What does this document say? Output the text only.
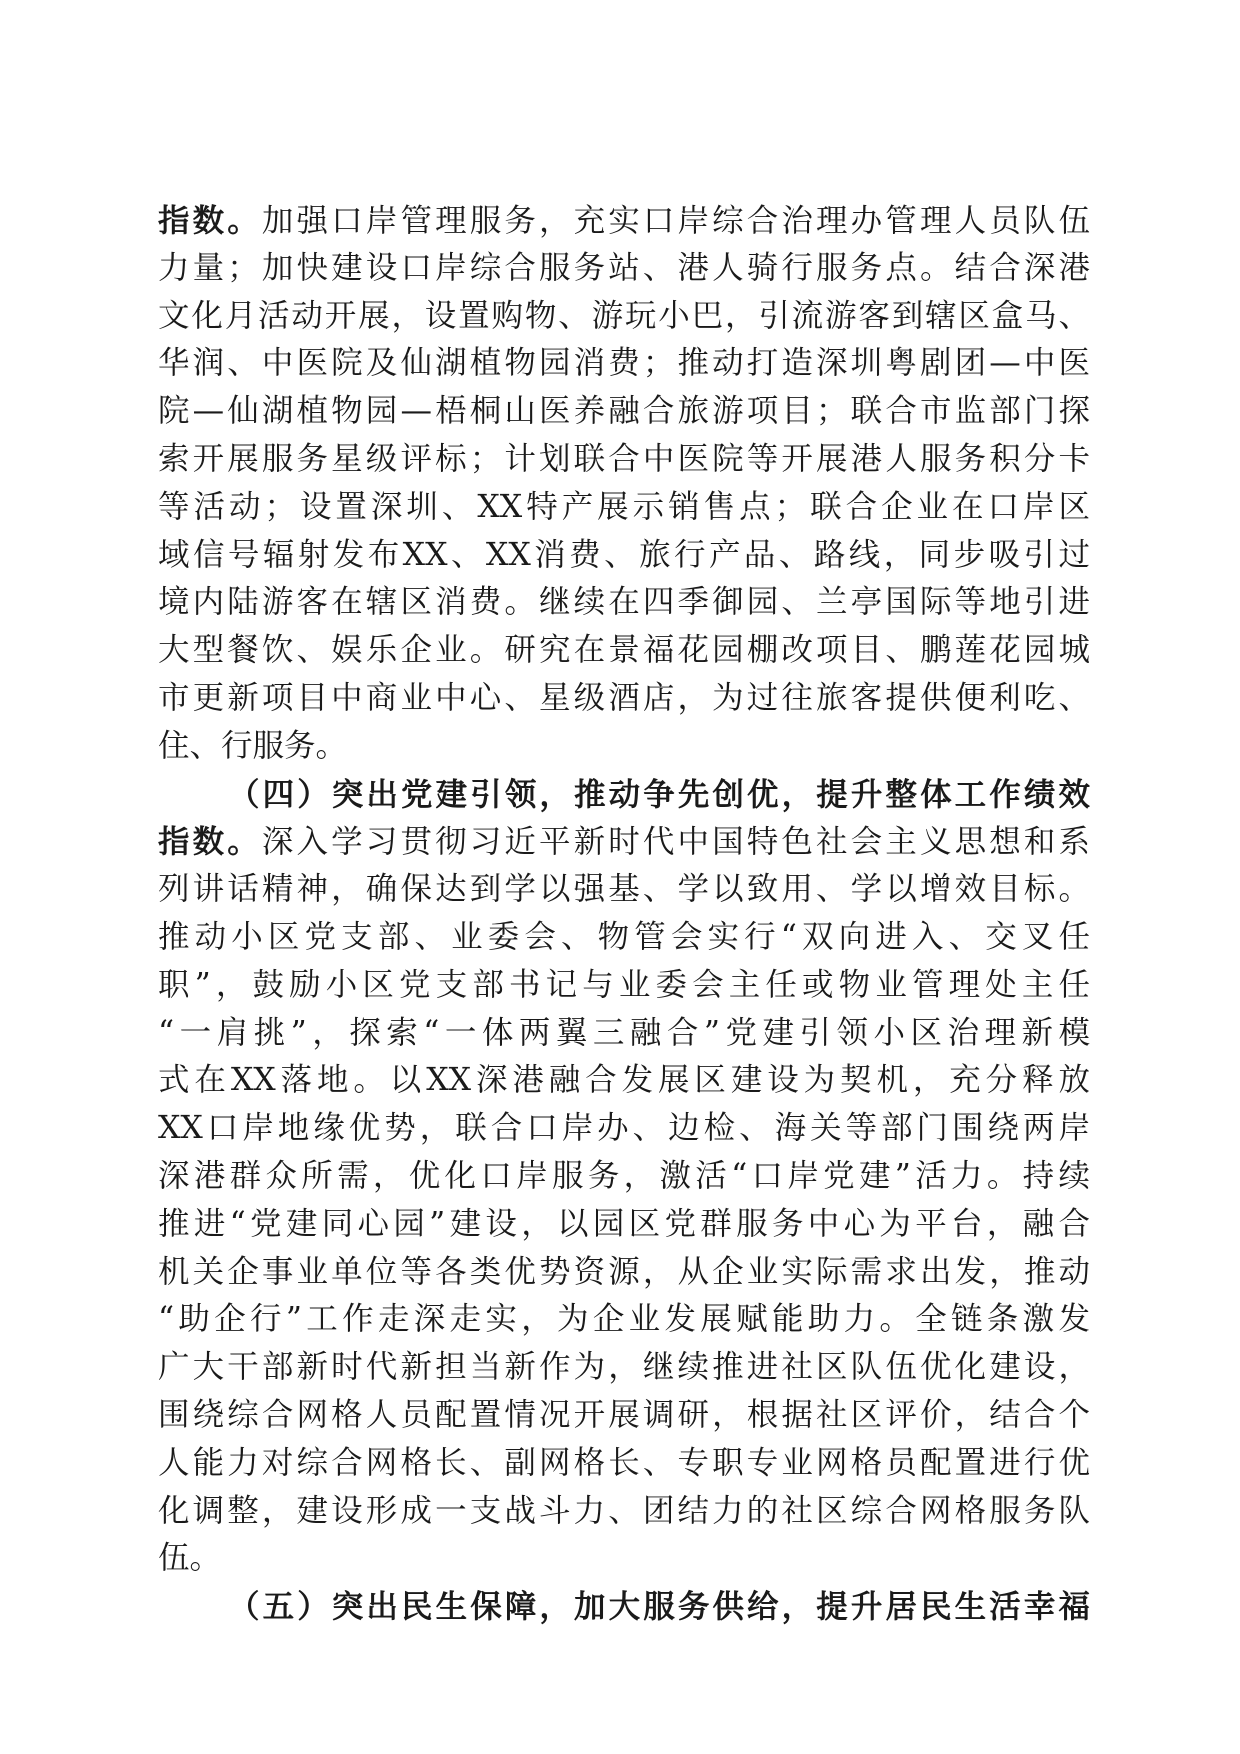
指数。加强口岸管理服务，充实口岸综合治理办管理人员队伍
力量；加快建设口岸综合服务站、港人骑行服务点。结合深港
文化月活动开展，设置购物、游玩小巴，引流游客到辖区盒马、
华润、中医院及仙湖植物园消费；推动打造深圳粤剧团—中医
院—仙湖植物园—梧桐山医养融合旅游项目；联合市监部门探
索开展服务星级评标；计划联合中医院等开展港人服务积分卡
等活动；设置深圳、XX特产展示销售点；联合企业在口岸区
域信号辐射发布XX、XX消费、旅行产品、路线，同步吸引过
境内陆游客在辖区消费。继续在四季御园、兰亭国际等地引进
大型餐饮、娱乐企业。研究在景福花园棚改项目、鹏莲花园城
市更新项目中商业中心、星级酒店，为过往旅客提供便利吃、
住、行服务。
（四）突出党建引领，推动争先创优，提升整体工作绩效
指数。深入学习贯彻习近平新时代中国特色社会主义思想和系
列讲话精神，确保达到学以强基、学以致用、学以增效目标。
推动小区党支部、业委会、物管会实行“双向进入、交叉任
职”，鼓励小区党支部书记与业委会主任或物业管理处主任
“一肩挑”，探索“一体两翼三融合”党建引领小区治理新模
式在XX落地。以XX深港融合发展区建设为契机，充分释放
XX口岸地缘优势，联合口岸办、边检、海关等部门围绕两岸
深港群众所需，优化口岸服务，激活“口岸党建”活力。持续
推进“党建同心园”建设，以园区党群服务中心为平台，融合
机关企事业单位等各类优势资源，从企业实际需求出发，推动
“助企行”工作走深走实，为企业发展赋能助力。全链条激发
广大干部新时代新担当新作为，继续推进社区队伍优化建设，
围绕综合网格人员配置情况开展调研，根据社区评价，结合个
人能力对综合网格长、副网格长、专职专业网格员配置进行优
化调整，建设形成一支战斗力、团结力的社区综合网格服务队
伍。
（五）突出民生保障，加大服务供给，提升居民生活幸福
